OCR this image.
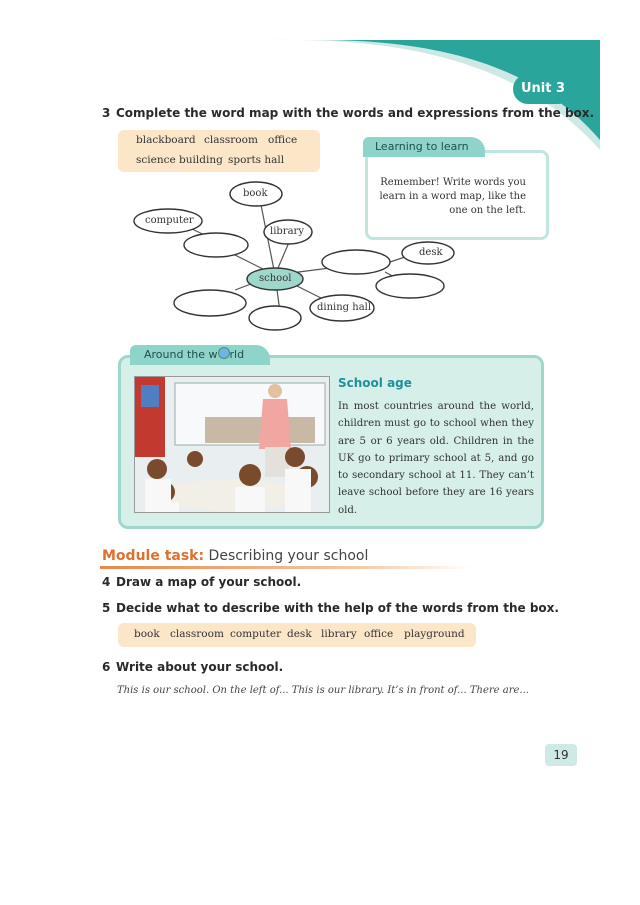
Unit 3
3 Complete the word map with the words and expressions from the box.
blackboard classroom office
science building sports hall
Learning to learn
Remember! Write words you learn in a word map, like the one on the left.
book
library
computer
desk
dining hall
school
Around the w rld
School age
In most countries around the world, children must go to school when they are 5 or 6 years old. Children in the UK go to primary school at 5, and go to secondary school at 11. They can’t leave school before they are 16 years old.
Module task: Describing your school
4 Draw a map of your school.
5 Decide what to describe with the help of the words from the box.
book classroom computer desk library office playground
6 Write about your school.
This is our school. On the left of... This is our library. It’s in front of... There are...
19
